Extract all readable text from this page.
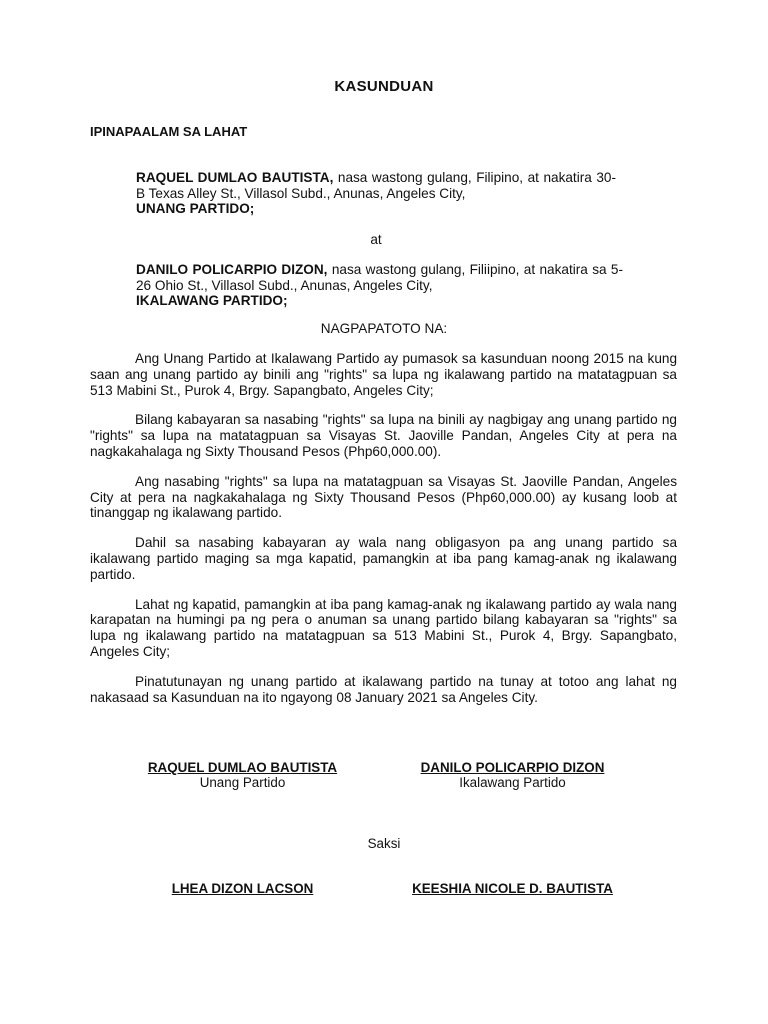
KASUNDUAN
IPINAPAALAM SA LAHAT
RAQUEL DUMLAO BAUTISTA, nasa wastong gulang, Filipino, at nakatira 30-B Texas Alley St., Villasol Subd., Anunas, Angeles City,
UNANG PARTIDO;
at
DANILO POLICARPIO DIZON, nasa wastong gulang, Filiipino, at nakatira sa 5-26 Ohio St., Villasol Subd., Anunas, Angeles City,
IKALAWANG PARTIDO;
NAGPAPATOTO NA:

Ang Unang Partido at Ikalawang Partido ay pumasok sa kasunduan noong 2015 na kung saan ang unang partido ay binili ang "rights" sa lupa ng ikalawang partido na matatagpuan sa 513 Mabini St., Purok 4, Brgy. Sapangbato, Angeles City;

Bilang kabayaran sa nasabing "rights" sa lupa na binili ay nagbigay ang unang partido ng "rights" sa lupa na matatagpuan sa Visayas St. Jaoville Pandan, Angeles City at pera na nagkakahalaga ng Sixty Thousand Pesos (Php60,000.00).

Ang nasabing "rights" sa lupa na matatagpuan sa Visayas St. Jaoville Pandan, Angeles City at pera na nagkakahalaga ng Sixty Thousand Pesos (Php60,000.00) ay kusang loob at tinanggap ng ikalawang partido.

Dahil sa nasabing kabayaran ay wala nang obligasyon pa ang unang partido sa ikalawang partido maging sa mga kapatid, pamangkin at iba pang kamag-anak ng ikalawang partido.

Lahat ng kapatid, pamangkin at iba pang kamag-anak ng ikalawang partido ay wala nang karapatan na humingi pa ng pera o anuman sa unang partido bilang kabayaran sa "rights" sa lupa ng ikalawang partido na matatagpuan sa 513 Mabini St., Purok 4, Brgy. Sapangbato, Angeles City;

Pinatutunayan ng unang partido at ikalawang partido na tunay at totoo ang lahat ng nakasaad sa Kasunduan na ito ngayong 08 January 2021 sa Angeles City.

RAQUEL DUMLAO BAUTISTA
Unang Partido
DANILO POLICARPIO DIZON
Ikalawang Partido
Saksi
LHEA DIZON LACSON	KEESHIA NICOLE D. BAUTISTA
